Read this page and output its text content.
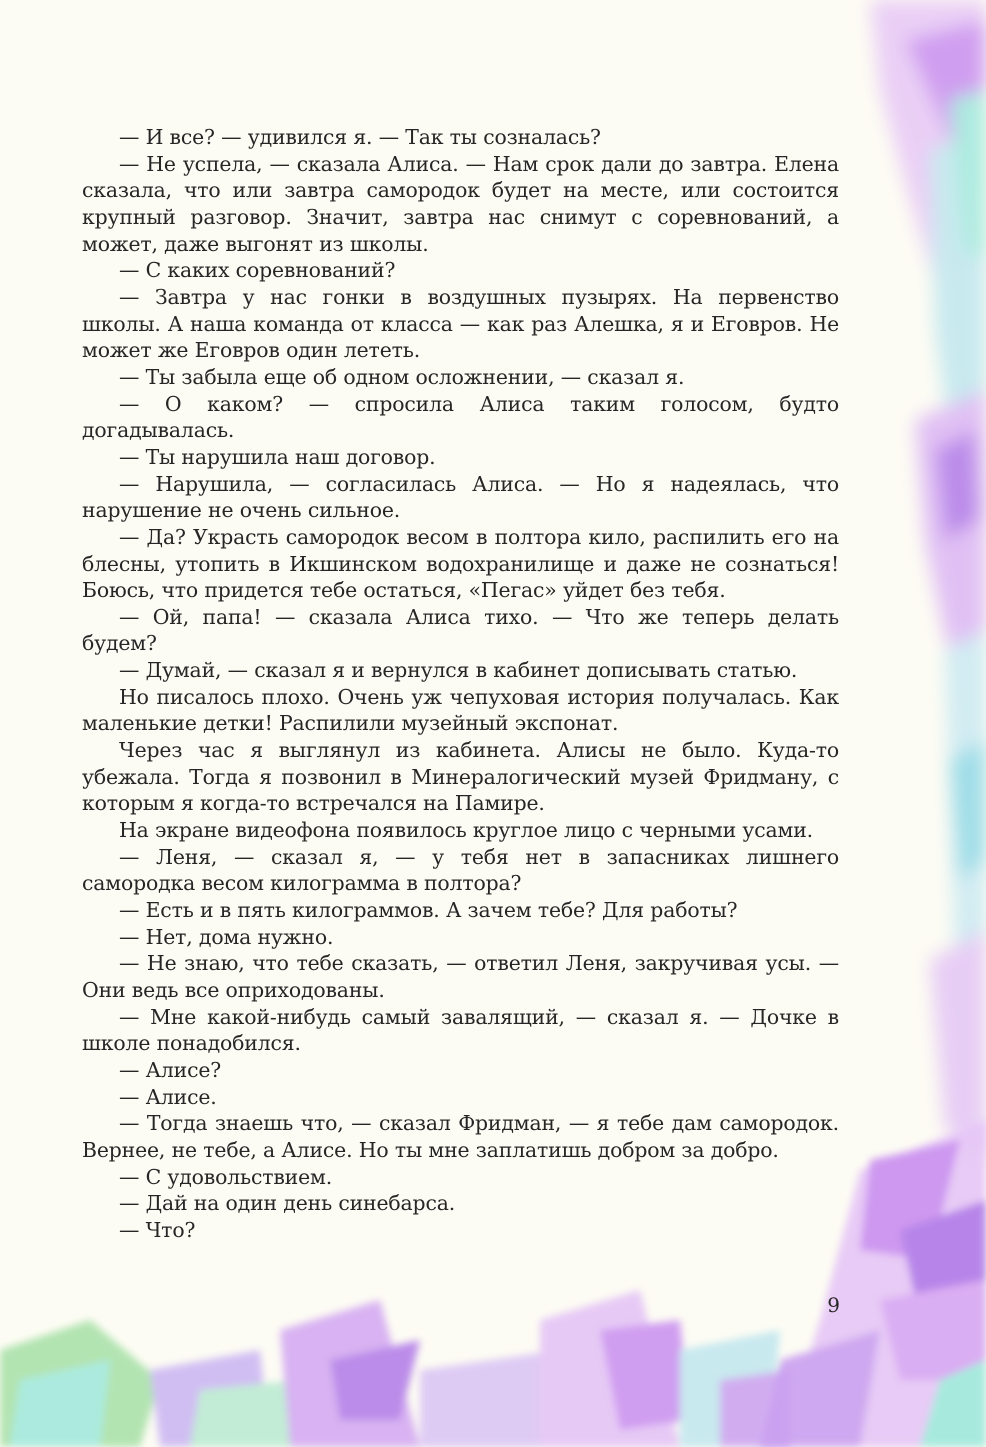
— И все? — удивился я. — Так ты созналась?

— Не успела, — сказала Алиса. — Нам срок дали до завтра. Елена сказала, что или завтра самородок будет на месте, или состоится крупный разговор. Значит, завтра нас снимут с соревнований, а может, даже выгонят из школы.

— С каких соревнований?

— Завтра у нас гонки в воздушных пузырях. На первенство школы. А наша команда от класса — как раз Алешка, я и Еговров. Не может же Еговров один лететь.

— Ты забыла еще об одном осложнении, — сказал я.

— О каком? — спросила Алиса таким голосом, будто догадывалась.

— Ты нарушила наш договор.

— Нарушила, — согласилась Алиса. — Но я надеялась, что нарушение не очень сильное.

— Да? Украсть самородок весом в полтора кило, распилить его на блесны, утопить в Икшинском водохранилище и даже не сознаться! Боюсь, что придется тебе остаться, «Пегас» уйдет без тебя.

— Ой, папа! — сказала Алиса тихо. — Что же теперь делать будем?

— Думай, — сказал я и вернулся в кабинет дописывать статью.

Но писалось плохо. Очень уж чепуховая история получалась. Как маленькие детки! Распилили музейный экспонат.

Через час я выглянул из кабинета. Алисы не было. Куда-то убежала. Тогда я позвонил в Минералогический музей Фридману, с которым я когда-то встречался на Памире.

На экране видеофона появилось круглое лицо с черными усами.

— Леня, — сказал я, — у тебя нет в запасниках лишнего самородка весом килограмма в полтора?

— Есть и в пять килограммов. А зачем тебе? Для работы?

— Нет, дома нужно.

— Не знаю, что тебе сказать, — ответил Леня, закручивая усы. — Они ведь все оприходованы.

— Мне какой-нибудь самый завалящий, — сказал я. — Дочке в школе понадобился.

— Алисе?

— Алисе.

— Тогда знаешь что, — сказал Фридман, — я тебе дам самородок. Вернее, не тебе, а Алисе. Но ты мне заплатишь добром за добро.

— С удовольствием.

— Дай на один день синебарса.

— Что?

9
